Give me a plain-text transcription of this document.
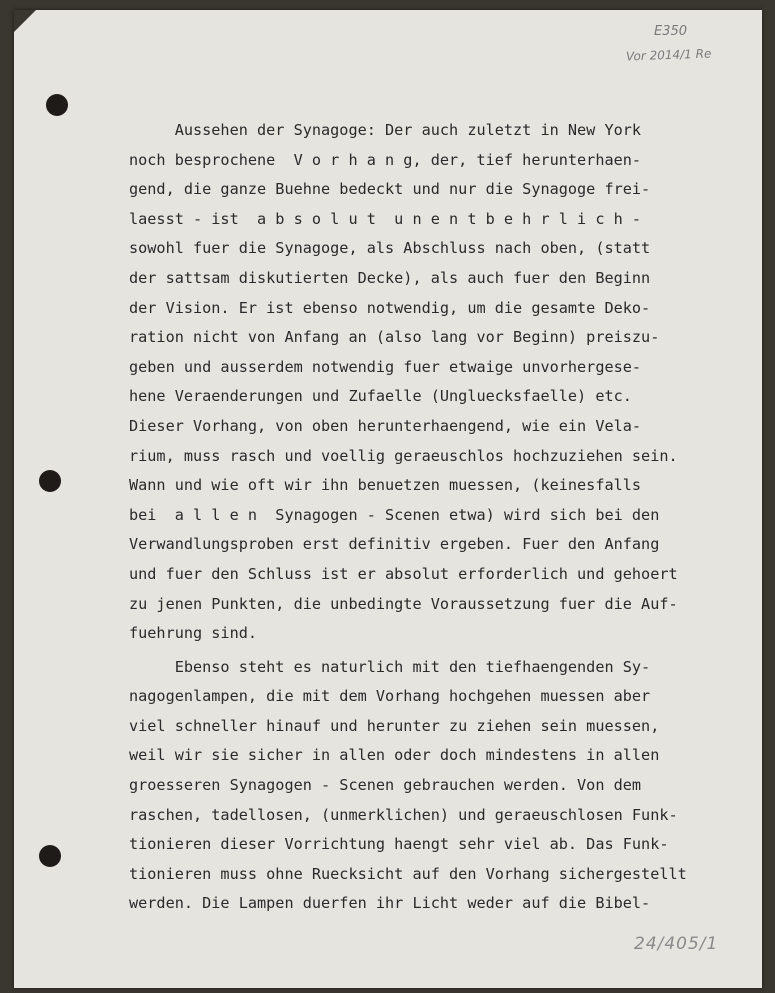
E350
Vor 2014/1 Re
Aussehen der Synagoge: Der auch zuletzt in New York
noch besprochene  V o r h a n g, der, tief herunterhaen-
gend, die ganze Buehne bedeckt und nur die Synagoge frei-
laesst - ist  a b s o l u t  u n e n t b e h r l i c h -
sowohl fuer die Synagoge, als Abschluss nach oben, (statt
der sattsam diskutierten Decke), als auch fuer den Beginn
der Vision. Er ist ebenso notwendig, um die gesamte Deko-
ration nicht von Anfang an (also lang vor Beginn) preiszu-
geben und ausserdem notwendig fuer etwaige unvorhergese-
hene Veraenderungen und Zufaelle (Ungluecksfaelle) etc.
Dieser Vorhang, von oben herunterhaengend, wie ein Vela-
rium, muss rasch und voellig geraeuschlos hochzuziehen sein.
Wann und wie oft wir ihn benuetzen muessen, (keinesfalls
bei  a l l e n  Synagogen - Scenen etwa) wird sich bei den
Verwandlungsproben erst definitiv ergeben. Fuer den Anfang
und fuer den Schluss ist er absolut erforderlich und gehoert
zu jenen Punkten, die unbedingte Voraussetzung fuer die Auf-
fuehrung sind.
Ebenso steht es naturlich mit den tiefhaengenden Sy-
nagogenlampen, die mit dem Vorhang hochgehen muessen aber
viel schneller hinauf und herunter zu ziehen sein muessen,
weil wir sie sicher in allen oder doch mindestens in allen
groesseren Synagogen - Scenen gebrauchen werden. Von dem
raschen, tadellosen, (unmerklichen) und geraeuschlosen Funk-
tionieren dieser Vorrichtung haengt sehr viel ab. Das Funk-
tionieren muss ohne Ruecksicht auf den Vorhang sichergestellt
werden. Die Lampen duerfen ihr Licht weder auf die Bibel-
24/405/1
